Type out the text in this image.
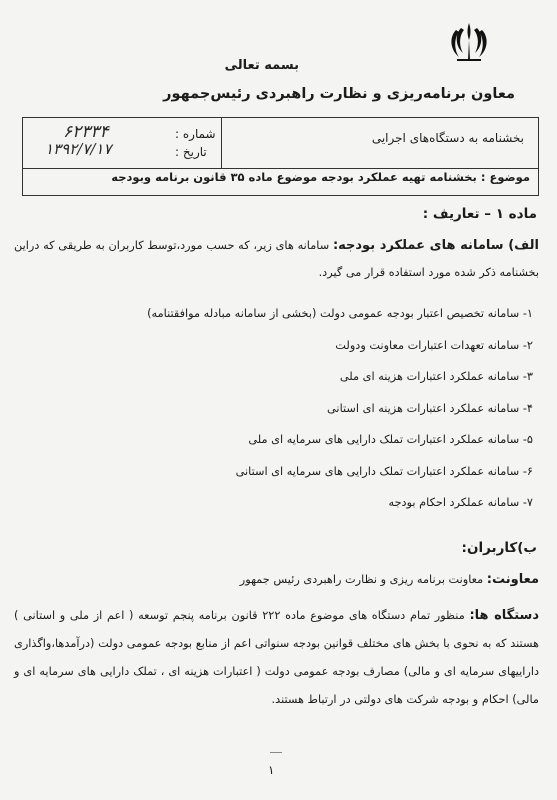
بسمه تعالی
معاون برنامه‌ریزی و نظارت راهبردی رئیس‌جمهور
بخشنامه به دستگاه‌های اجرایی
شماره :
۶۲۳۳۴
تاریخ :
۱۳۹۲/۷/۱۷
موضوع : بخشنامه تهیه عملکرد بودجه موضوع ماده ۳۵ قانون برنامه وبودجه
ماده ۱ – تعاریف :
الف) سامانه های عملکرد بودجه: سامانه های زیر، که حسب مورد،توسط کاربران به طریقی که دراین بخشنامه ذکر شده مورد استفاده قرار می گیرد.
۱- سامانه تخصیص اعتبار بودجه عمومی دولت (بخشی از سامانه مبادله موافقتنامه)
۲- سامانه تعهدات اعتبارات معاونت ودولت
۳- سامانه عملکرد اعتبارات هزینه ای ملی
۴- سامانه عملکرد اعتبارات هزینه ای استانی
۵- سامانه عملکرد اعتبارات تملک دارایی های سرمایه ای ملی
۶- سامانه عملکرد اعتبارات تملک دارایی های سرمایه ای استانی
۷- سامانه عملکرد احکام بودجه
ب)کاربران:
معاونت: معاونت برنامه ریزی و نظارت راهبردی رئیس جمهور
دستگاه ها: منظور تمام دستگاه های موضوع ماده ۲۲۲ قانون برنامه پنجم توسعه ( اعم از ملی و استانی ) هستند که به نحوی با بخش های مختلف قوانین بودجه سنواتی اعم از منابع بودجه عمومی دولت (درآمدها،واگذاری داراییهای سرمایه ای و مالی) مصارف بودجه عمومی دولت ( اعتبارات هزینه ای ، تملک دارایی های سرمایه ای و مالی) احکام و بودجه شرکت های دولتی در ارتباط هستند.
۱
